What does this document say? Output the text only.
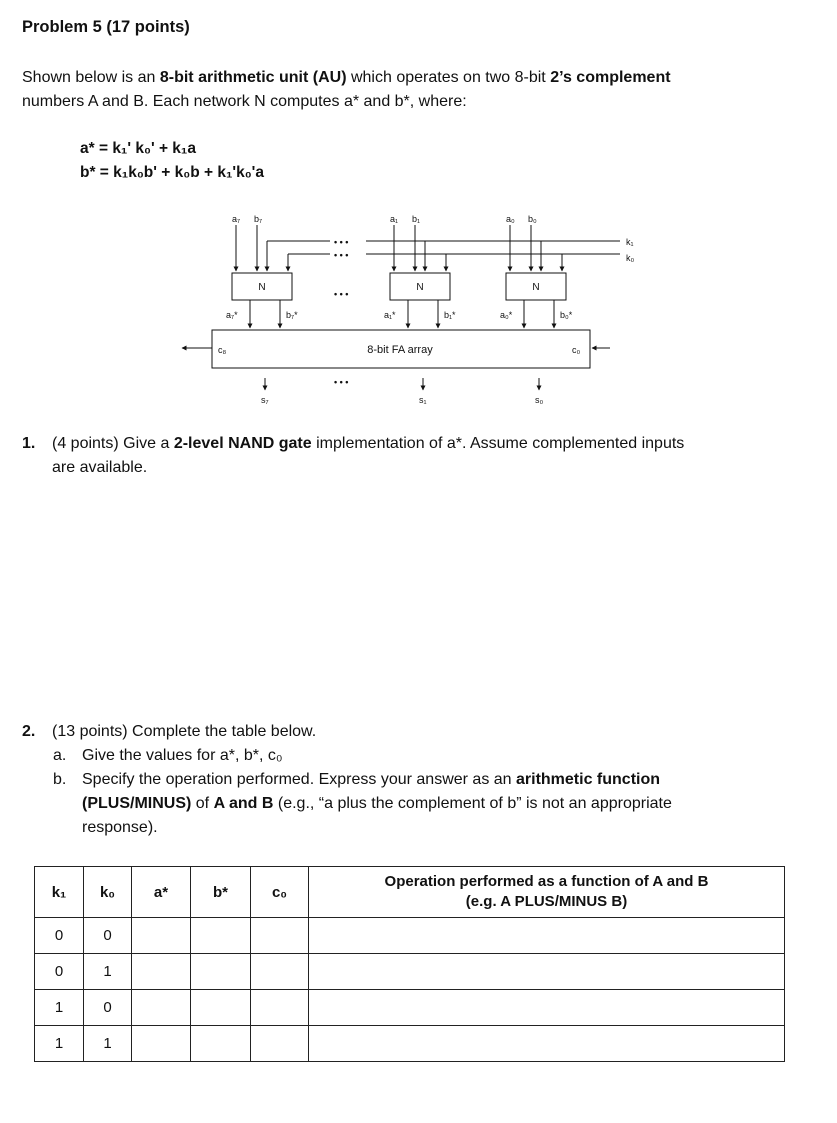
Problem 5 (17 points)
Shown below is an 8-bit arithmetic unit (AU) which operates on two 8-bit 2’s complement
numbers A and B. Each network N computes a* and b*, where:
a* = k₁' k₀' + k₁a
b* = k₁k₀b' + k₀b + k₁'k₀'a
a₇ b₇	a₁ b₁	a₀ b₀
k₁
k₀
• • •
• • •
N	N	N
• • •
a₇*	b₇*	a₁*	b₁*	a₀*	b₀*
8-bit FA array
c₈	c₀
• • •
s₇	s₁	s₀
1. (4 points) Give a 2-level NAND gate implementation of a*. Assume complemented inputs
are available.
2. (13 points) Complete the table below.
a. Give the values for a*, b*, c₀
b. Specify the operation performed. Express your answer as an arithmetic function
(PLUS/MINUS) of A and B (e.g., “a plus the complement of b” is not an appropriate
response).
k₁	k₀	a*	b*	c₀	Operation performed as a function of A and B
(e.g. A PLUS/MINUS B)
0	0				
0	1				
1	0				
1	1				
